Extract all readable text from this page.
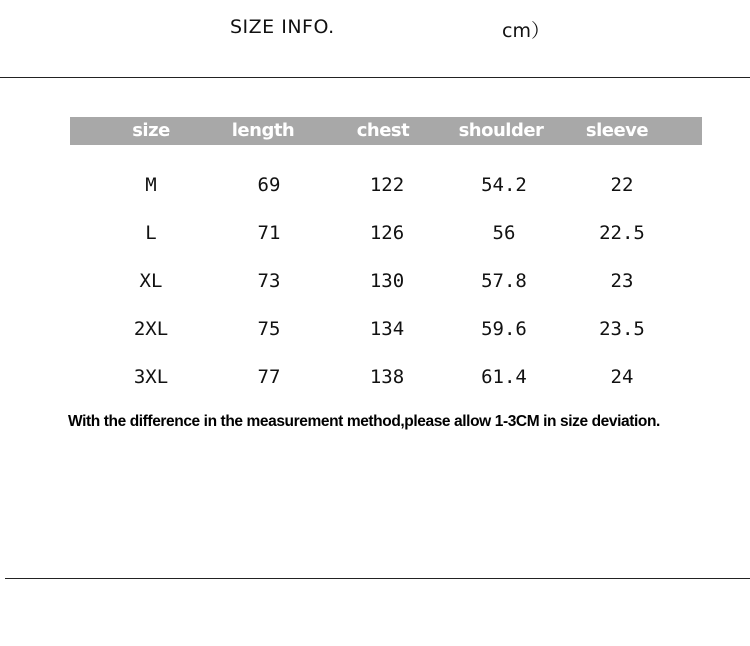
SIZE INFO.	cm）
size	length	chest	shoulder	sleeve
M	69	122	54.2	22
L	71	126	56	22.5
XL	73	130	57.8	23
2XL	75	134	59.6	23.5
3XL	77	138	61.4	24
With the difference in the measurement method,please allow 1-3CM in size deviation.
